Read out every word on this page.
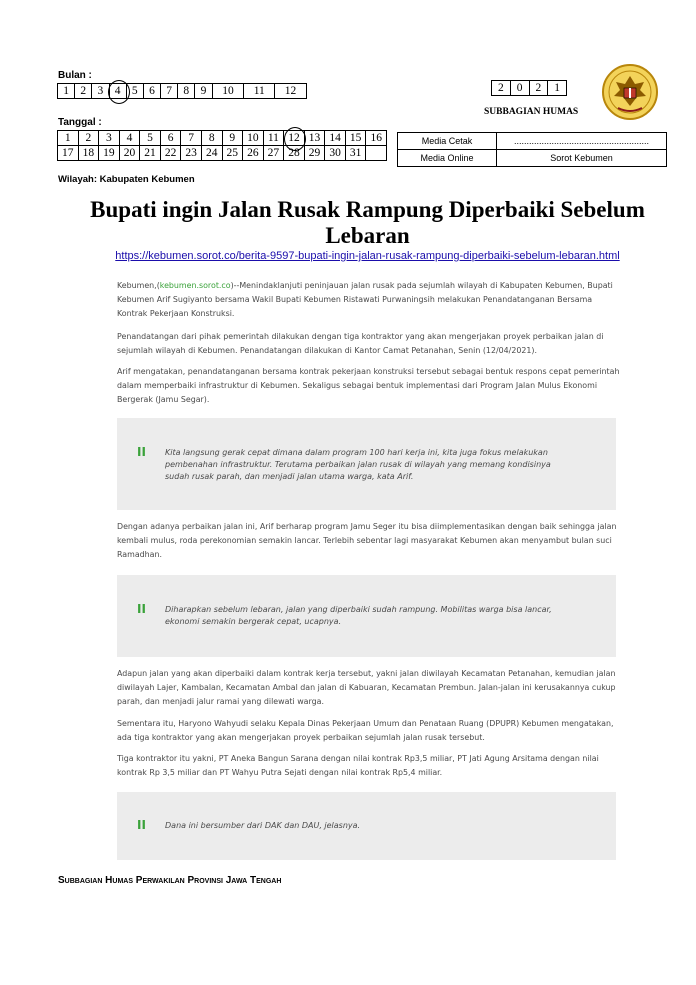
Bulan :
1	2	3	4	5	6	7	8	9	10	11	12	2	0	2	1
SUBBAGIAN HUMAS
Tanggal :
1	2	3	4	5	6	7	8	9	10	11	12	13	14	15	16
17	18	19	20	21	22	23	24	25	26	27	28	29	30	31	
Media Cetak	......................................................
Media Online	Sorot Kebumen
Wilayah: Kabupaten Kebumen
Bupati ingin Jalan Rusak Rampung Diperbaiki Sebelum Lebaran
https://kebumen.sorot.co/berita-9597-bupati-ingin-jalan-rusak-rampung-diperbaiki-sebelum-lebaran.html

Kebumen,(kebumen.sorot.co)--Menindaklanjuti peninjauan jalan rusak pada sejumlah wilayah di Kabupaten Kebumen, Bupati Kebumen Arif Sugiyanto bersama Wakil Bupati Kebumen Ristawati Purwaningsih melakukan Penandatanganan Bersama Kontrak Pekerjaan Konstruksi.

Penandatangan dari pihak pemerintah dilakukan dengan tiga kontraktor yang akan mengerjakan proyek perbaikan jalan di sejumlah wilayah di Kebumen. Penandatangan dilakukan di Kantor Camat Petanahan, Senin (12/04/2021).

Arif mengatakan, penandatanganan bersama kontrak pekerjaan konstruksi tersebut sebagai bentuk respons cepat pemerintah dalam memperbaiki infrastruktur di Kebumen. Sekaligus sebagai bentuk implementasi dari Program Jalan Mulus Ekonomi Bergerak (Jamu Segar).

II Kita langsung gerak cepat dimana dalam program 100 hari kerja ini, kita juga fokus melakukan pembenahan infrastruktur. Terutama perbaikan jalan rusak di wilayah yang memang kondisinya sudah rusak parah, dan menjadi jalan utama warga, kata Arif.

Dengan adanya perbaikan jalan ini, Arif berharap program Jamu Seger itu bisa diimplementasikan dengan baik sehingga jalan kembali mulus, roda perekonomian semakin lancar. Terlebih sebentar lagi masyarakat Kebumen akan menyambut bulan suci Ramadhan.

II Diharapkan sebelum lebaran, jalan yang diperbaiki sudah rampung. Mobilitas warga bisa lancar, ekonomi semakin bergerak cepat, ucapnya.

Adapun jalan yang akan diperbaiki dalam kontrak kerja tersebut, yakni jalan diwilayah Kecamatan Petanahan, kemudian jalan diwilayah Lajer, Kambalan, Kecamatan Ambal dan jalan di Kabuaran, Kecamatan Prembun. Jalan-jalan ini kerusakannya cukup parah, dan menjadi jalur ramai yang dilewati warga.

Sementara itu, Haryono Wahyudi selaku Kepala Dinas Pekerjaan Umum dan Penataan Ruang (DPUPR) Kebumen mengatakan, ada tiga kontraktor yang akan mengerjakan proyek perbaikan sejumlah jalan rusak tersebut.

Tiga kontraktor itu yakni, PT Aneka Bangun Sarana dengan nilai kontrak Rp3,5 miliar, PT Jati Agung Arsitama dengan nilai kontrak Rp 3,5 miliar dan PT Wahyu Putra Sejati dengan nilai kontrak Rp5,4 miliar.

II Dana ini bersumber dari DAK dan DAU, jelasnya.
Subbagian Humas Perwakilan Provinsi Jawa Tengah
